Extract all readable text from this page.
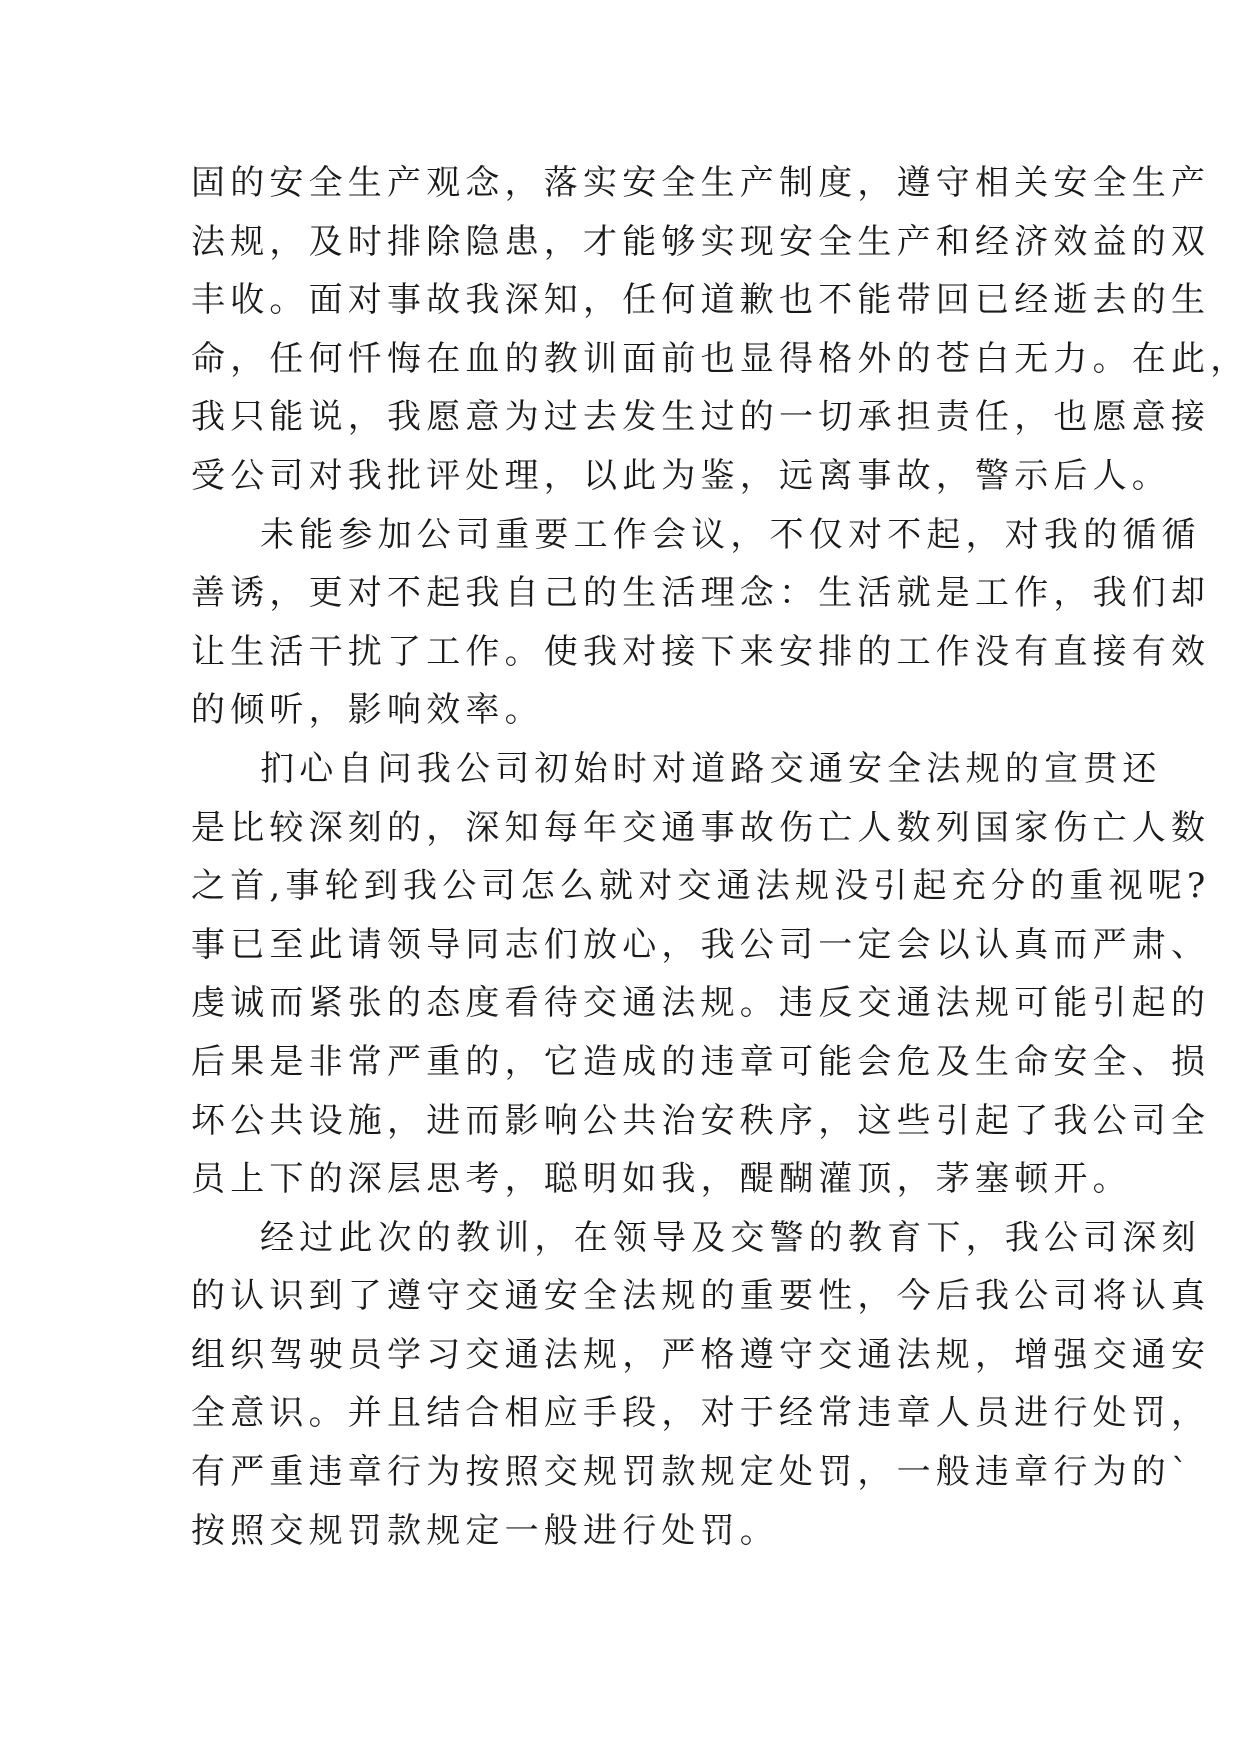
固的安全生产观念，落实安全生产制度，遵守相关安全生产
法规，及时排除隐患，才能够实现安全生产和经济效益的双
丰收。面对事故我深知，任何道歉也不能带回已经逝去的生
命，任何忏悔在血的教训面前也显得格外的苍白无力。在此，
我只能说，我愿意为过去发生过的一切承担责任，也愿意接
受公司对我批评处理，以此为鉴，远离事故，警示后人。
未能参加公司重要工作会议，不仅对不起，对我的循循
善诱，更对不起我自己的生活理念：生活就是工作，我们却
让生活干扰了工作。使我对接下来安排的工作没有直接有效
的倾听，影响效率。
扪心自问我公司初始时对道路交通安全法规的宣贯还
是比较深刻的，深知每年交通事故伤亡人数列国家伤亡人数
之首,事轮到我公司怎么就对交通法规没引起充分的重视呢?
事已至此请领导同志们放心，我公司一定会以认真而严肃、
虔诚而紧张的态度看待交通法规。违反交通法规可能引起的
后果是非常严重的，它造成的违章可能会危及生命安全、损
坏公共设施，进而影响公共治安秩序，这些引起了我公司全
员上下的深层思考，聪明如我，醍醐灌顶，茅塞顿开。
经过此次的教训，在领导及交警的教育下，我公司深刻
的认识到了遵守交通安全法规的重要性，今后我公司将认真
组织驾驶员学习交通法规，严格遵守交通法规，增强交通安
全意识。并且结合相应手段，对于经常违章人员进行处罚，
有严重违章行为按照交规罚款规定处罚，一般违章行为的`
按照交规罚款规定一般进行处罚。
